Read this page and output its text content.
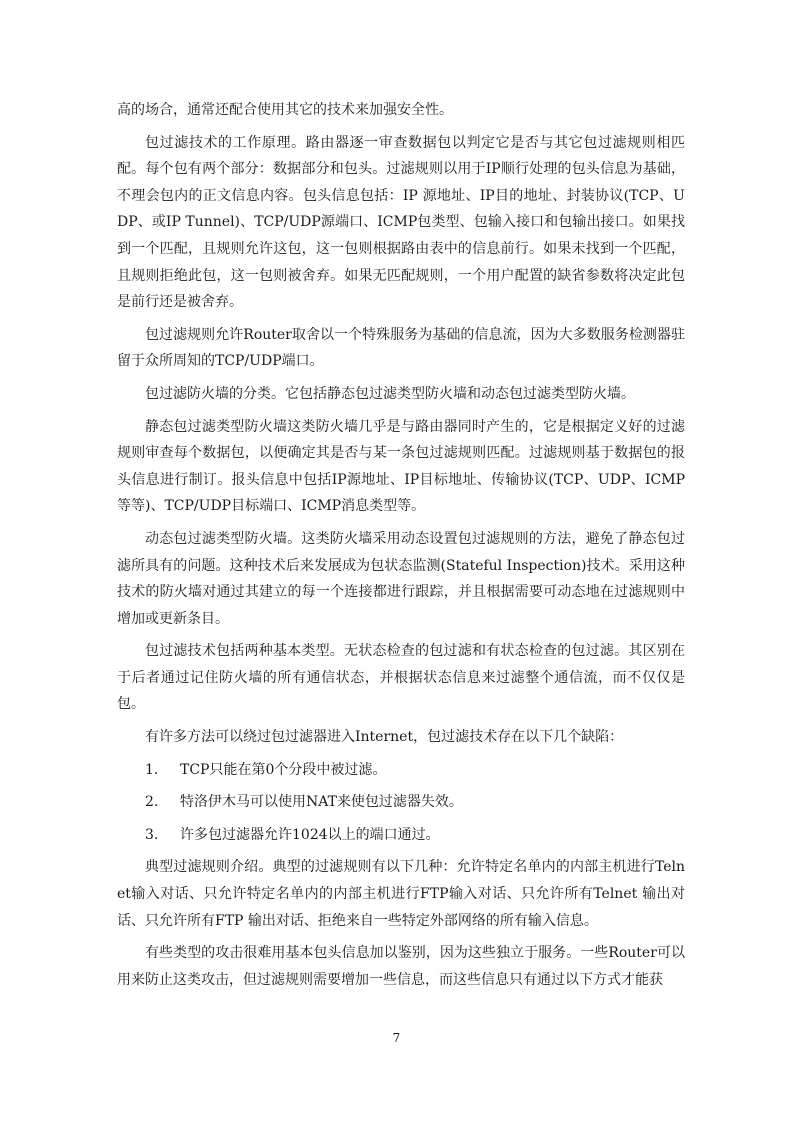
高的场合，通常还配合使用其它的技术来加强安全性。

包过滤技术的工作原理。路由器逐一审查数据包以判定它是否与其它包过滤规则相匹配。每个包有两个部分：数据部分和包头。过滤规则以用于IP顺行处理的包头信息为基础，不理会包内的正文信息内容。包头信息包括：IP 源地址、IP目的地址、封装协议(TCP、UDP、或IP Tunnel)、TCP/UDP源端口、ICMP包类型、包输入接口和包输出接口。如果找到一个匹配，且规则允许这包，这一包则根据路由表中的信息前行。如果未找到一个匹配，且规则拒绝此包，这一包则被舍弃。如果无匹配规则，一个用户配置的缺省参数将决定此包是前行还是被舍弃。

包过滤规则允许Router取舍以一个特殊服务为基础的信息流，因为大多数服务检测器驻留于众所周知的TCP/UDP端口。

包过滤防火墙的分类。它包括静态包过滤类型防火墙和动态包过滤类型防火墙。

静态包过滤类型防火墙这类防火墙几乎是与路由器同时产生的，它是根据定义好的过滤规则审查每个数据包，以便确定其是否与某一条包过滤规则匹配。过滤规则基于数据包的报头信息进行制订。报头信息中包括IP源地址、IP目标地址、传输协议(TCP、UDP、ICMP等等)、TCP/UDP目标端口、ICMP消息类型等。

动态包过滤类型防火墙。这类防火墙采用动态设置包过滤规则的方法，避免了静态包过滤所具有的问题。这种技术后来发展成为包状态监测(Stateful Inspection)技术。采用这种技术的防火墙对通过其建立的每一个连接都进行跟踪，并且根据需要可动态地在过滤规则中增加或更新条目。

包过滤技术包括两种基本类型。无状态检查的包过滤和有状态检查的包过滤。其区别在于后者通过记住防火墙的所有通信状态，并根据状态信息来过滤整个通信流，而不仅仅是包。

有许多方法可以绕过包过滤器进入Internet，包过滤技术存在以下几个缺陷：

1. TCP只能在第0个分段中被过滤。
2. 特洛伊木马可以使用NAT来使包过滤器失效。
3. 许多包过滤器允许1024以上的端口通过。

典型过滤规则介绍。典型的过滤规则有以下几种：允许特定名单内的内部主机进行Telnet输入对话、只允许特定名单内的内部主机进行FTP输入对话、只允许所有Telnet 输出对话、只允许所有FTP 输出对话、拒绝来自一些特定外部网络的所有输入信息。

有些类型的攻击很难用基本包头信息加以鉴别，因为这些独立于服务。一些Router可以用来防止这类攻击，但过滤规则需要增加一些信息，而这些信息只有通过以下方式才能获

7
